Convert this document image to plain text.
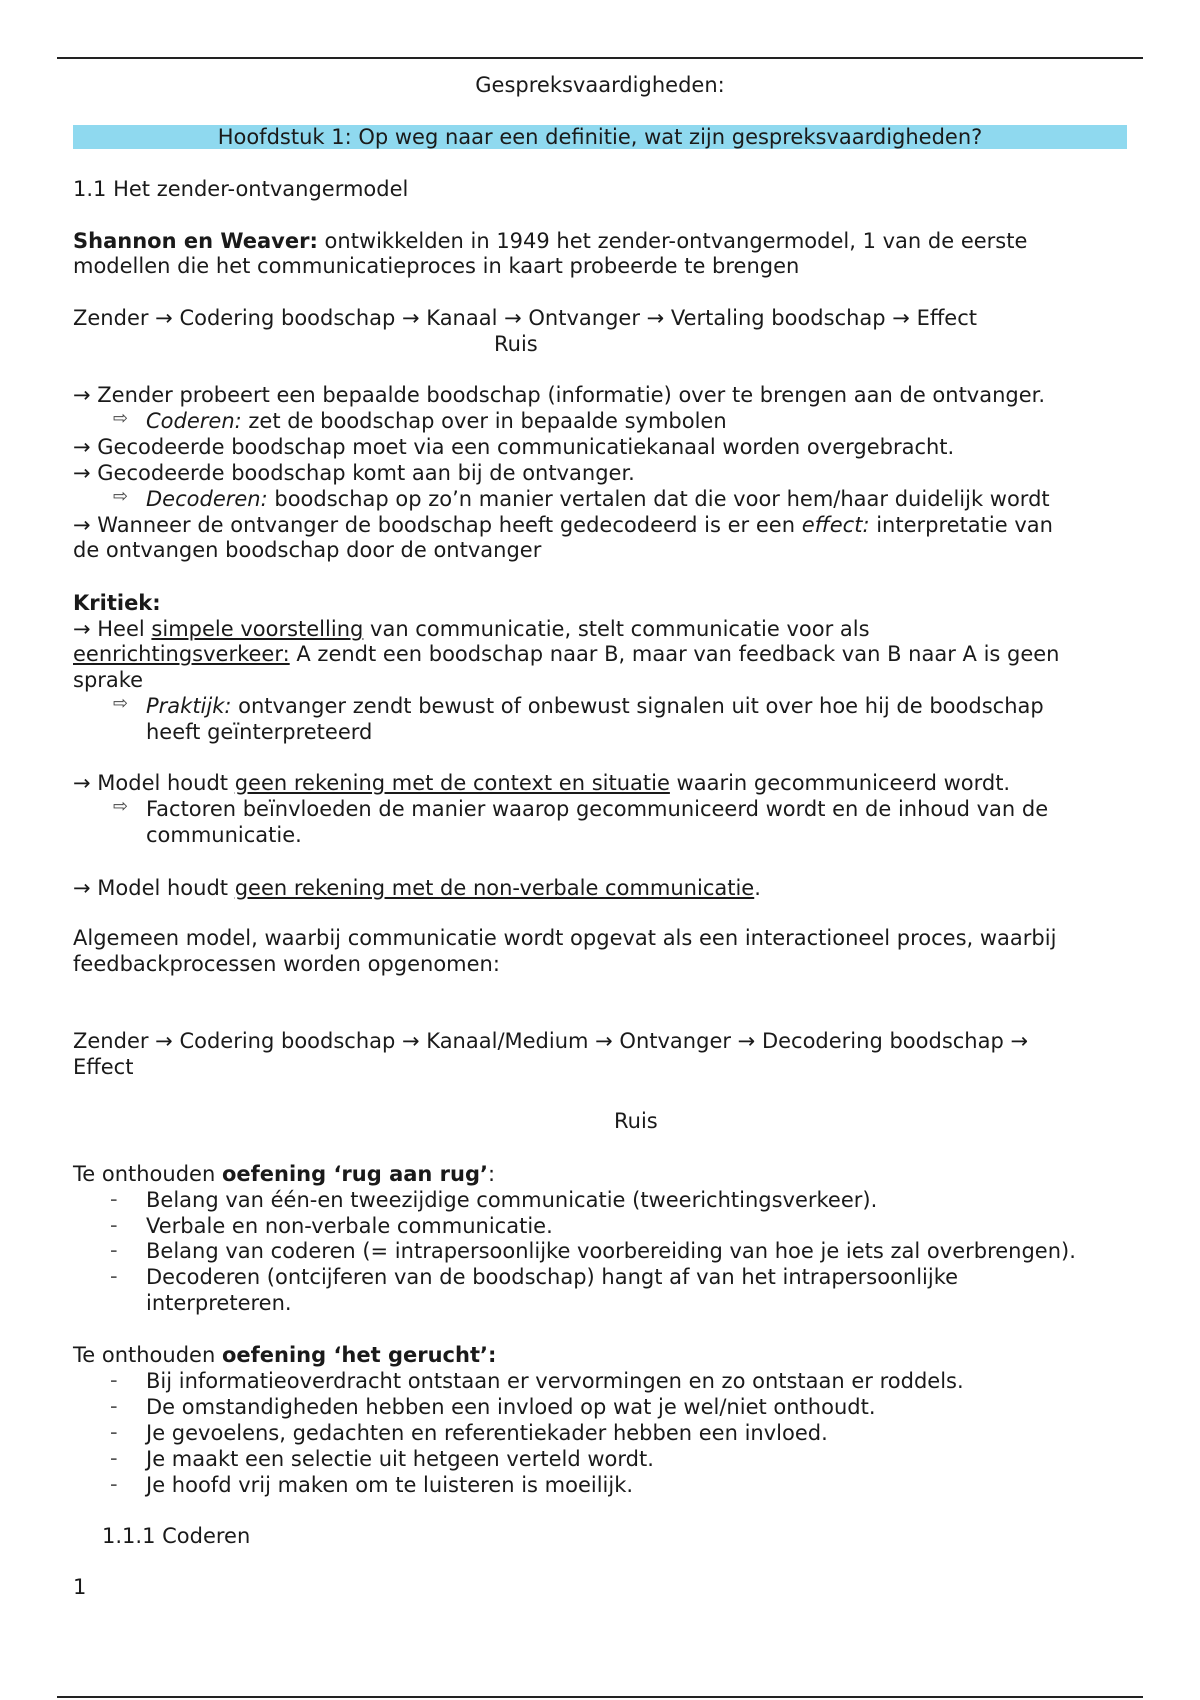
Gespreksvaardigheden:
Hoofdstuk 1: Op weg naar een definitie, wat zijn gespreksvaardigheden?
1.1 Het zender-ontvangermodel
Shannon en Weaver: ontwikkelden in 1949 het zender-ontvangermodel, 1 van de eerste
modellen die het communicatieproces in kaart probeerde te brengen
Zender → Codering boodschap → Kanaal → Ontvanger → Vertaling boodschap → Effect
Ruis
→ Zender probeert een bepaalde boodschap (informatie) over te brengen aan de ontvanger.
⇨ Coderen: zet de boodschap over in bepaalde symbolen
→ Gecodeerde boodschap moet via een communicatiekanaal worden overgebracht.
→ Gecodeerde boodschap komt aan bij de ontvanger.
⇨ Decoderen: boodschap op zo’n manier vertalen dat die voor hem/haar duidelijk wordt
→ Wanneer de ontvanger de boodschap heeft gedecodeerd is er een effect: interpretatie van
de ontvangen boodschap door de ontvanger
Kritiek:
→ Heel simpele voorstelling van communicatie, stelt communicatie voor als
eenrichtingsverkeer: A zendt een boodschap naar B, maar van feedback van B naar A is geen
sprake
⇨ Praktijk: ontvanger zendt bewust of onbewust signalen uit over hoe hij de boodschap
heeft geïnterpreteerd
→ Model houdt geen rekening met de context en situatie waarin gecommuniceerd wordt.
⇨ Factoren beïnvloeden de manier waarop gecommuniceerd wordt en de inhoud van de
communicatie.
→ Model houdt geen rekening met de non-verbale communicatie.
Algemeen model, waarbij communicatie wordt opgevat als een interactioneel proces, waarbij
feedbackprocessen worden opgenomen:
Zender → Codering boodschap → Kanaal/Medium → Ontvanger → Decodering boodschap →
Effect
Ruis
Te onthouden oefening ‘rug aan rug’:
- Belang van één-en tweezijdige communicatie (tweerichtingsverkeer).
- Verbale en non-verbale communicatie.
- Belang van coderen (= intrapersoonlijke voorbereiding van hoe je iets zal overbrengen).
- Decoderen (ontcijferen van de boodschap) hangt af van het intrapersoonlijke
interpreteren.
Te onthouden oefening ‘het gerucht’:
- Bij informatieoverdracht ontstaan er vervormingen en zo ontstaan er roddels.
- De omstandigheden hebben een invloed op wat je wel/niet onthoudt.
- Je gevoelens, gedachten en referentiekader hebben een invloed.
- Je maakt een selectie uit hetgeen verteld wordt.
- Je hoofd vrij maken om te luisteren is moeilijk.
1.1.1 Coderen
1
